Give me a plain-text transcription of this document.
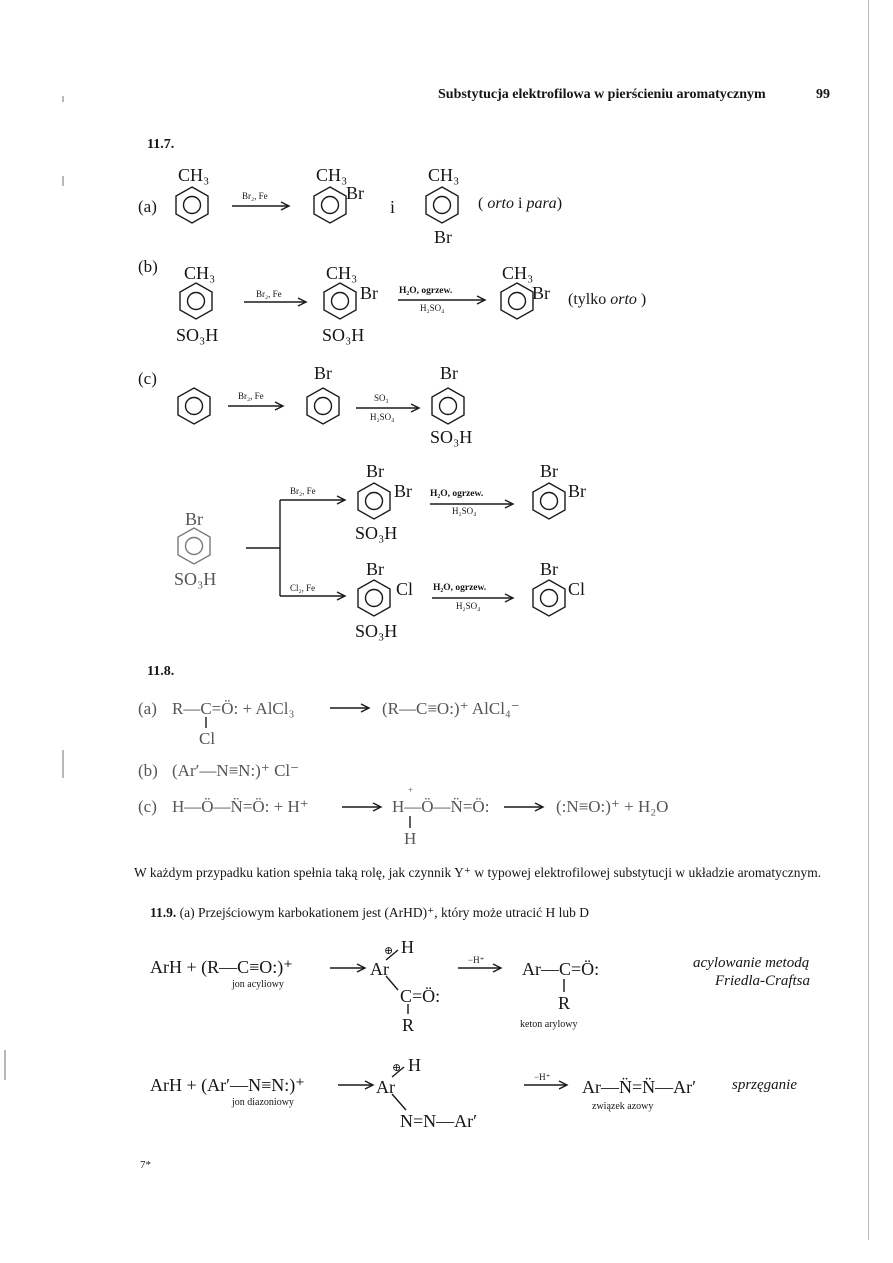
Substytucja elektrofilowa w pierścieniu aromatycznym	99
11.7.
(a)
CH₃
Br₂, Fe
CH₃
Br
i
CH₃
Br
( orto i para)
(b) CH₃
SO₃H
Br₂, Fe
CH₃
Br
SO₃H
H₂O, ogrzew.
H₂SO₄
CH₃
Br (tylko orto )
(c)
Br₂, Fe
Br
SO₃
H₂SO₄
Br
SO₃H
Br
SO₃H
Br₂, Fe
Br
Br
SO₃H
H₂O, ogrzew.
H₂SO₄
Br
Br
Cl₂, Fe
Br
Cl
SO₃H
H₂O, ogrzew.
H₂SO₄
Br
Cl
11.8.
(a) R—C=Ö: + AlCl₃
Cl
(R—C≡O:)⁺ AlCl₄⁻
(b) (Ar′—N≡N:)⁺ Cl⁻
(c) H—Ö—N̈=Ö: + H⁺
+
H—Ö—N̈=Ö:
H
(:N≡O:)⁺ + H₂O
W każdym przypadku kation spełnia taką rolę, jak czynnik Y⁺ w typowej elektrofilowej substytucji w układzie aromatycznym.
11.9. (a) Przejściowym karbokationem jest (ArHD)⁺, który może utracić H lub D
ArH + (R—C≡O:)⁺
jon acyliowy
⊕ H
Ar
C=Ö:
R
−H⁺ Ar—C=Ö:
R
keton arylowy
acylowanie metodą
Friedla-Craftsa
ArH + (Ar′—N≡N:)⁺
jon diazoniowy
⊕ H
Ar
N=N—Ar′
−H⁺ Ar—N̈=N̈—Ar′
związek azowy
sprzęganie
7*
